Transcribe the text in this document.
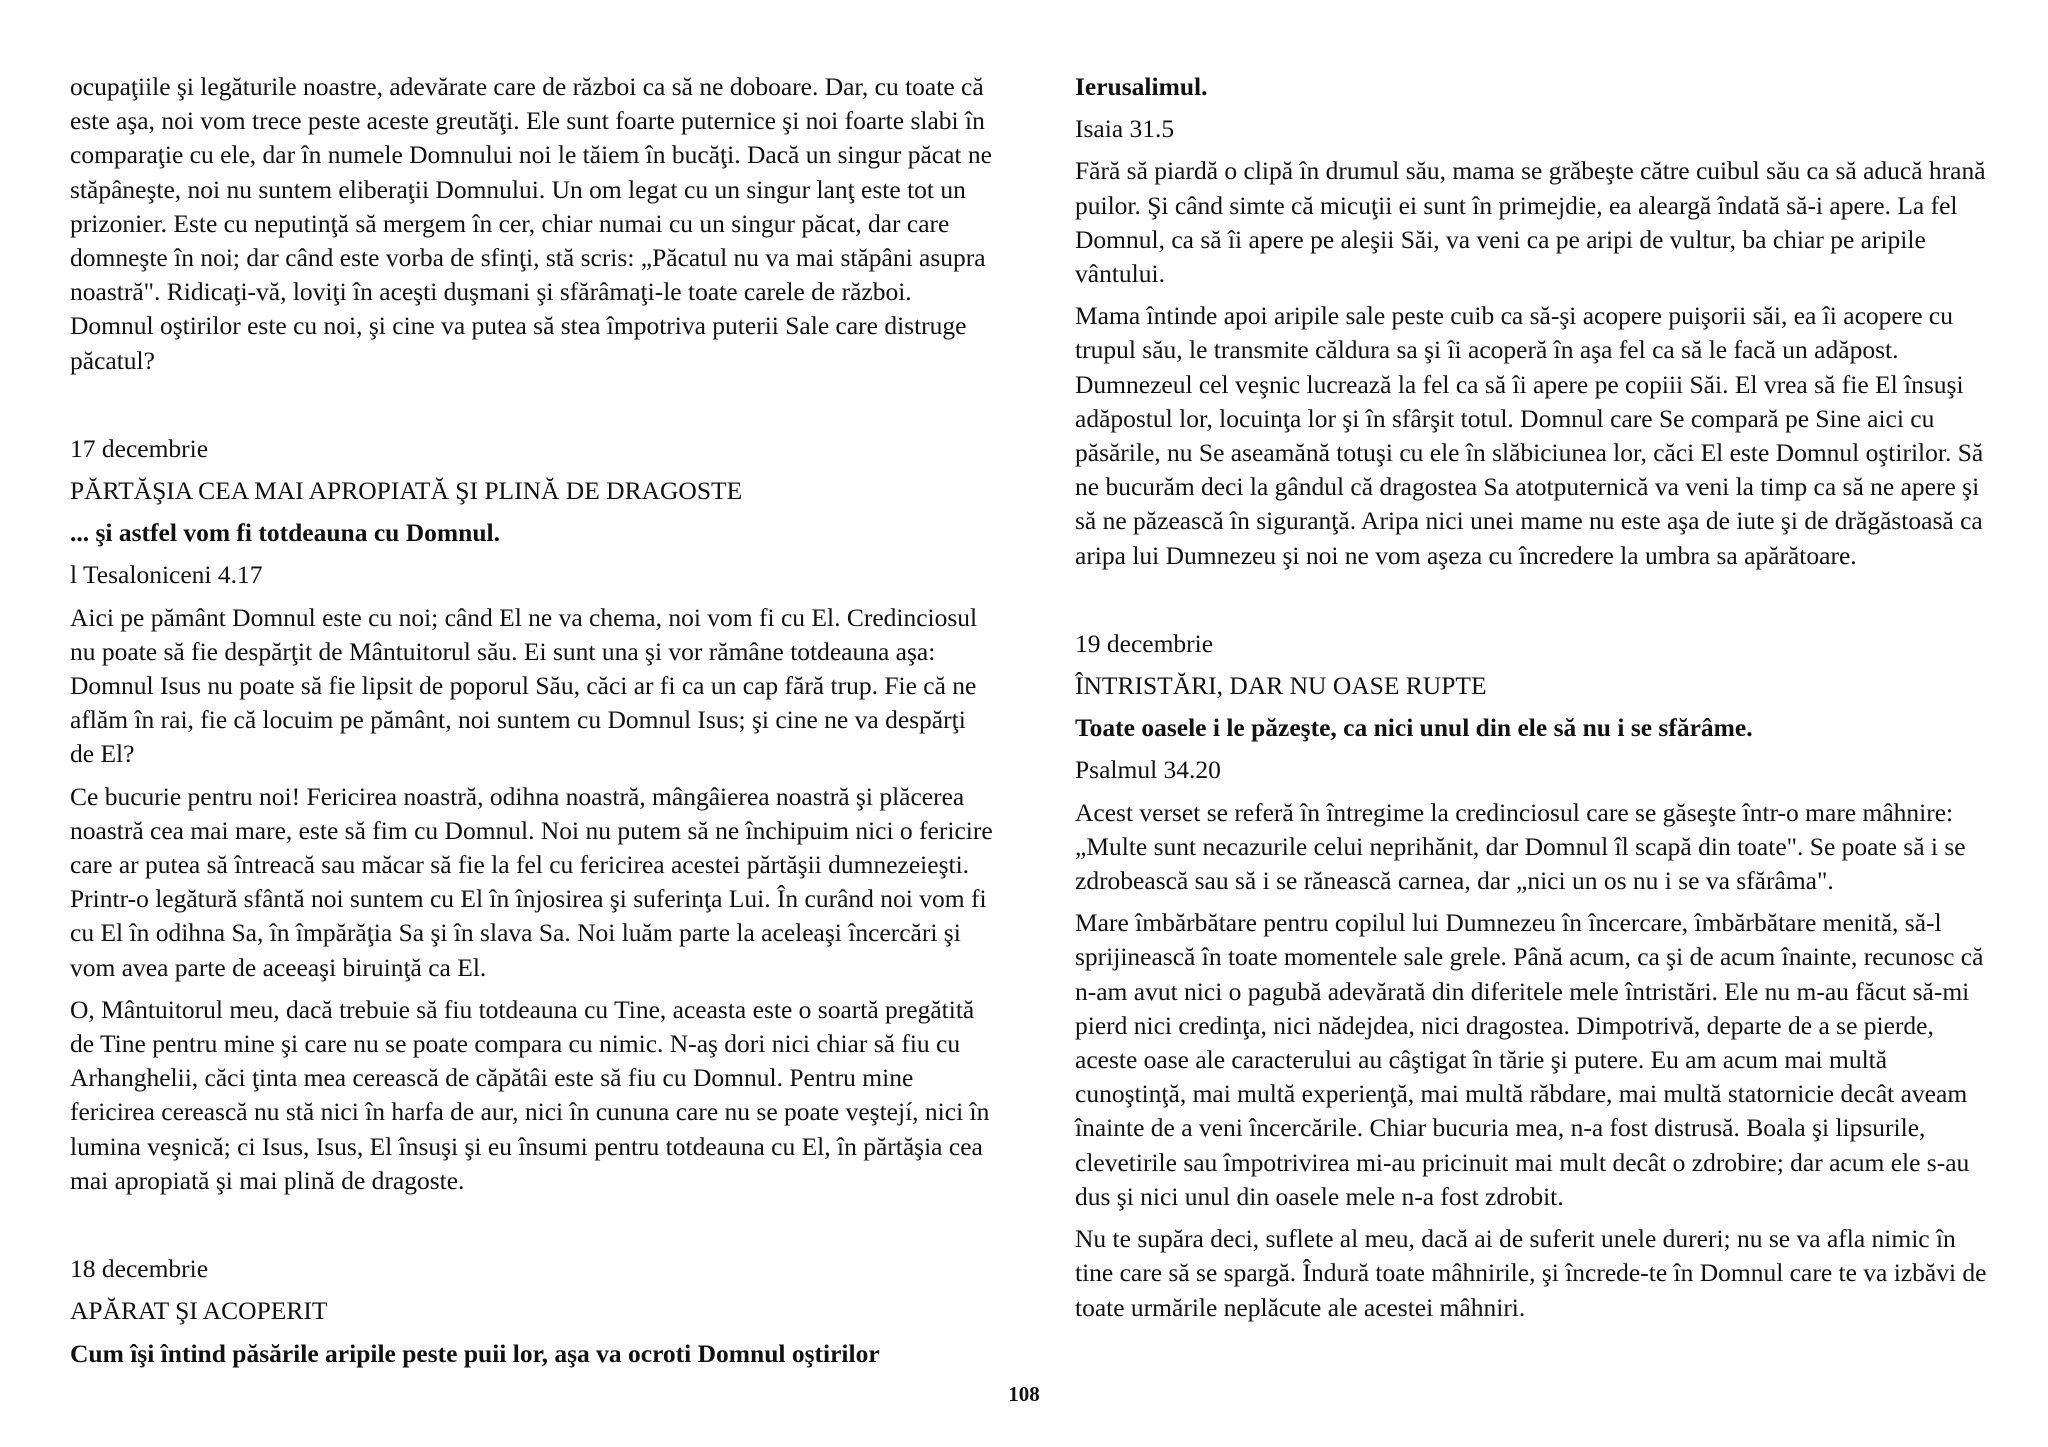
ocupaţiile şi legăturile noastre, adevărate care de război ca să ne doboare. Dar, cu toate că este aşa, noi vom trece peste aceste greutăţi. Ele sunt foarte puternice şi noi foarte slabi în comparaţie cu ele, dar în numele Domnului noi le tăiem în bucăţi. Dacă un singur păcat ne stăpâneşte, noi nu suntem eliberaţii Domnului. Un om legat cu un singur lanţ este tot un prizonier. Este cu neputinţă să mergem în cer, chiar numai cu un singur păcat, dar care domneşte în noi; dar când este vorba de sfinţi, stă scris: „Păcatul nu va mai stăpâni asupra noastră". Ridicaţi-vă, loviţi în aceşti duşmani şi sfărâmaţi-le toate carele de război. Domnul oştirilor este cu noi, şi cine va putea să stea împotriva puterii Sale care distruge păcatul?

17 decembrie

PĂRTĂŞIA CEA MAI APROPIATĂ ŞI PLINĂ DE DRAGOSTE

... şi astfel vom fi totdeauna cu Domnul.

l Tesaloniceni 4.17

Aici pe pământ Domnul este cu noi; când El ne va chema, noi vom fi cu El. Credinciosul nu poate să fie despărţit de Mântuitorul său. Ei sunt una şi vor rămâne totdeauna aşa: Domnul Isus nu poate să fie lipsit de poporul Său, căci ar fi ca un cap fără trup. Fie că ne aflăm în rai, fie că locuim pe pământ, noi suntem cu Domnul Isus; şi cine ne va despărţi de El?

Ce bucurie pentru noi! Fericirea noastră, odihna noastră, mângâierea noastră şi plăcerea noastră cea mai mare, este să fim cu Domnul. Noi nu putem să ne închipuim nici o fericire care ar putea să întreacă sau măcar să fie la fel cu fericirea acestei părtăşii dumnezeieşti. Printr-o legătură sfântă noi suntem cu El în înjosirea şi suferinţa Lui. În curând noi vom fi cu El în odihna Sa, în împărăţia Sa şi în slava Sa. Noi luăm parte la aceleaşi încercări şi vom avea parte de aceeaşi biruinţă ca El.

O, Mântuitorul meu, dacă trebuie să fiu totdeauna cu Tine, aceasta este o soartă pregătită de Tine pentru mine şi care nu se poate compara cu nimic. N-aş dori nici chiar să fiu cu Arhanghelii, căci ţinta mea cerească de căpătâi este să fiu cu Domnul. Pentru mine fericirea cerească nu stă nici în harfa de aur, nici în cununa care nu se poate veştejí, nici în lumina veşnică; ci Isus, Isus, El însuşi şi eu însumi pentru totdeauna cu El, în părtăşia cea mai apropiată şi mai plină de dragoste.

18 decembrie

APĂRAT ŞI ACOPERIT

Cum îşi întind păsările aripile peste puii lor, aşa va ocroti Domnul oştirilor

Ierusalimul.

Isaia 31.5

Fără să piardă o clipă în drumul său, mama se grăbeşte către cuibul său ca să aducă hrană puilor. Şi când simte că micuţii ei sunt în primejdie, ea aleargă îndată să-i apere. La fel Domnul, ca să îi apere pe aleşii Săi, va veni ca pe aripi de vultur, ba chiar pe aripile vântului.

Mama întinde apoi aripile sale peste cuib ca să-şi acopere puişorii săi, ea îi acopere cu trupul său, le transmite căldura sa şi îi acoperă în aşa fel ca să le facă un adăpost. Dumnezeul cel veşnic lucrează la fel ca să îi apere pe copiii Săi. El vrea să fie El însuşi adăpostul lor, locuinţa lor şi în sfârşit totul. Domnul care Se compară pe Sine aici cu păsările, nu Se aseamănă totuşi cu ele în slăbiciunea lor, căci El este Domnul oştirilor. Să ne bucurăm deci la gândul că dragostea Sa atotputernică va veni la timp ca să ne apere şi să ne păzească în siguranţă. Aripa nici unei mame nu este aşa de iute şi de drăgăstoasă ca aripa lui Dumnezeu şi noi ne vom aşeza cu încredere la umbra sa apărătoare.

19 decembrie

ÎNTRISTĂRI, DAR NU OASE RUPTE

Toate oasele i le păzeşte, ca nici unul din ele să nu i se sfărâme.

Psalmul 34.20

Acest verset se referă în întregime la credinciosul care se găseşte într-o mare mâhnire: „Multe sunt necazurile celui neprihănit, dar Domnul îl scapă din toate". Se poate să i se zdrobească sau să i se rănească carnea, dar „nici un os nu i se va sfărâma".

Mare îmbărbătare pentru copilul lui Dumnezeu în încercare, îmbărbătare menită, să-l sprijinească în toate momentele sale grele. Până acum, ca şi de acum înainte, recunosc că n-am avut nici o pagubă adevărată din diferitele mele întristări. Ele nu m-au făcut să-mi pierd nici credinţa, nici nădejdea, nici dragostea. Dimpotrivă, departe de a se pierde, aceste oase ale caracterului au câştigat în tărie şi putere. Eu am acum mai multă cunoştinţă, mai multă experienţă, mai multă răbdare, mai multă statornicie decât aveam înainte de a veni încercările. Chiar bucuria mea, n-a fost distrusă. Boala şi lipsurile, clevetirile sau împotrivirea mi-au pricinuit mai mult decât o zdrobire; dar acum ele s-au dus şi nici unul din oasele mele n-a fost zdrobit.

Nu te supăra deci, suflete al meu, dacă ai de suferit unele dureri; nu se va afla nimic în tine care să se spargă. Îndură toate mâhnirile, şi încrede-te în Domnul care te va izbăvi de toate urmările neplăcute ale acestei mâhniri.

108
